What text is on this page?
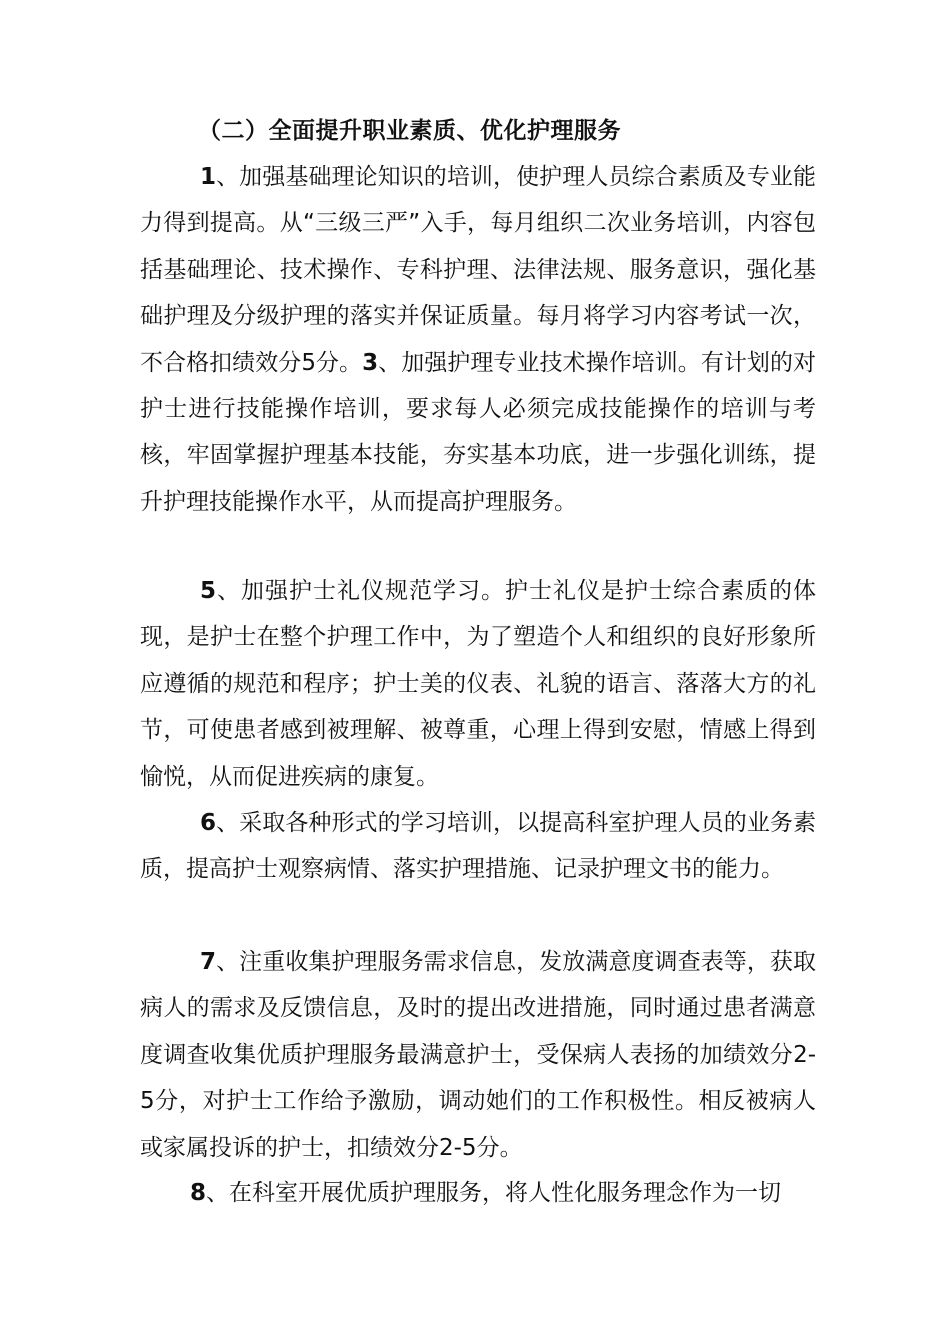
（二）全面提升职业素质、优化护理服务

1、加强基础理论知识的培训，使护理人员综合素质及专业能力得到提高。从“三级三严”入手，每月组织二次业务培训，内容包括基础理论、技术操作、专科护理、法律法规、服务意识，强化基础护理及分级护理的落实并保证质量。每月将学习内容考试一次，不合格扣绩效分5分。3、加强护理专业技术操作培训。有计划的对护士进行技能操作培训，要求每人必须完成技能操作的培训与考核，牢固掌握护理基本技能，夯实基本功底，进一步强化训练，提升护理技能操作水平，从而提高护理服务。

5、加强护士礼仪规范学习。护士礼仪是护士综合素质的体现，是护士在整个护理工作中，为了塑造个人和组织的良好形象所应遵循的规范和程序；护士美的仪表、礼貌的语言、落落大方的礼节，可使患者感到被理解、被尊重，心理上得到安慰，情感上得到愉悦，从而促进疾病的康复。

6、采取各种形式的学习培训，以提高科室护理人员的业务素质，提高护士观察病情、落实护理措施、记录护理文书的能力。

7、注重收集护理服务需求信息，发放满意度调查表等，获取病人的需求及反馈信息，及时的提出改进措施，同时通过患者满意度调查收集优质护理服务最满意护士，受保病人表扬的加绩效分2-5分，对护士工作给予激励，调动她们的工作积极性。相反被病人或家属投诉的护士，扣绩效分2-5分。

8、在科室开展优质护理服务，将人性化服务理念作为一切
